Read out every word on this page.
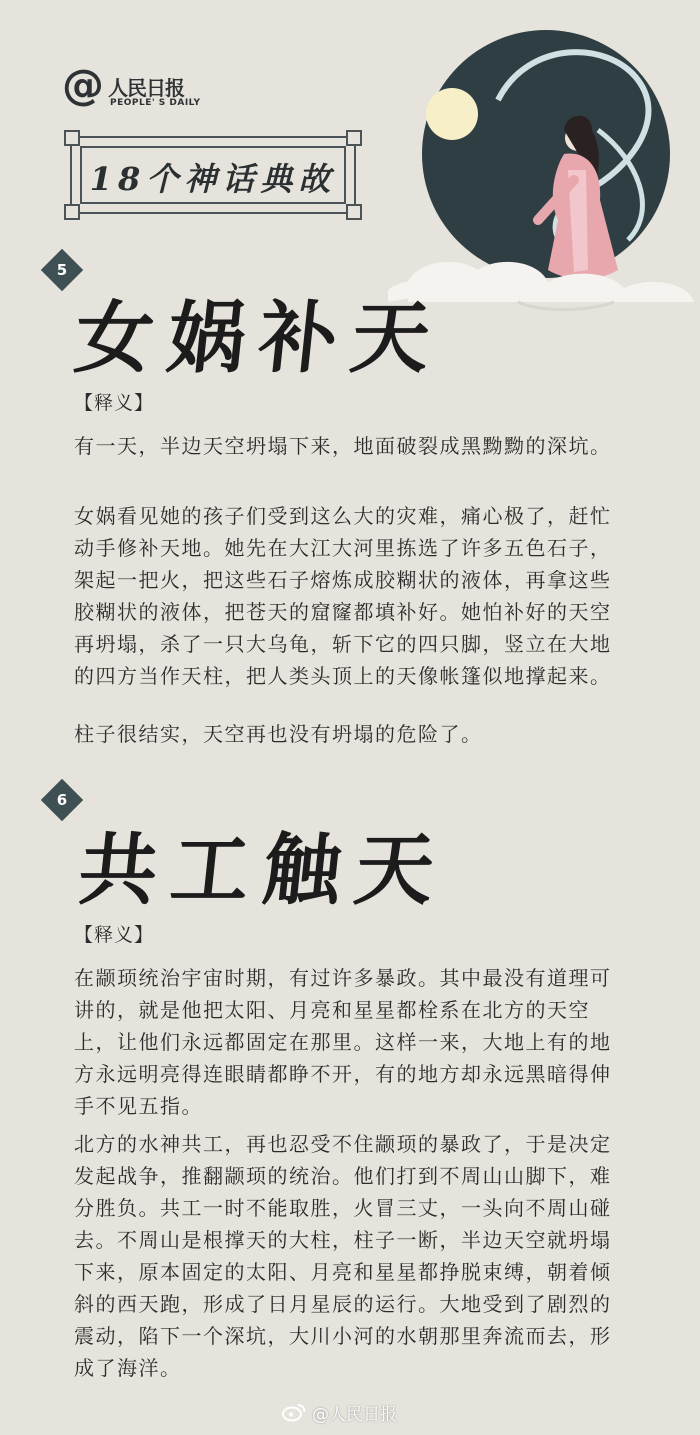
@ 人民日报
PEOPLE' S DAILY
18个神话典故
5
女娲补天
【释义】

有一天，半边天空坍塌下来，地面破裂成黑黝黝的深坑。

女娲看见她的孩子们受到这么大的灾难，痛心极了，赶忙动手修补天地。她先在大江大河里拣选了许多五色石子，架起一把火，把这些石子熔炼成胶糊状的液体，再拿这些胶糊状的液体，把苍天的窟窿都填补好。她怕补好的天空再坍塌，杀了一只大乌龟，斩下它的四只脚，竖立在大地的四方当作天柱，把人类头顶上的天像帐篷似地撑起来。

柱子很结实，天空再也没有坍塌的危险了。

6
共工触天
【释义】

在颛顼统治宇宙时期，有过许多暴政。其中最没有道理可讲的，就是他把太阳、月亮和星星都栓系在北方的天空上，让他们永远都固定在那里。这样一来，大地上有的地方永远明亮得连眼睛都睁不开，有的地方却永远黑暗得伸手不见五指。

北方的水神共工，再也忍受不住颛顼的暴政了，于是决定发起战争，推翻颛顼的统治。他们打到不周山山脚下，难分胜负。共工一时不能取胜，火冒三丈，一头向不周山碰去。不周山是根撑天的大柱，柱子一断，半边天空就坍塌下来，原本固定的太阳、月亮和星星都挣脱束缚，朝着倾斜的西天跑，形成了日月星辰的运行。大地受到了剧烈的震动，陷下一个深坑，大川小河的水朝那里奔流而去，形成了海洋。

@人民日报
